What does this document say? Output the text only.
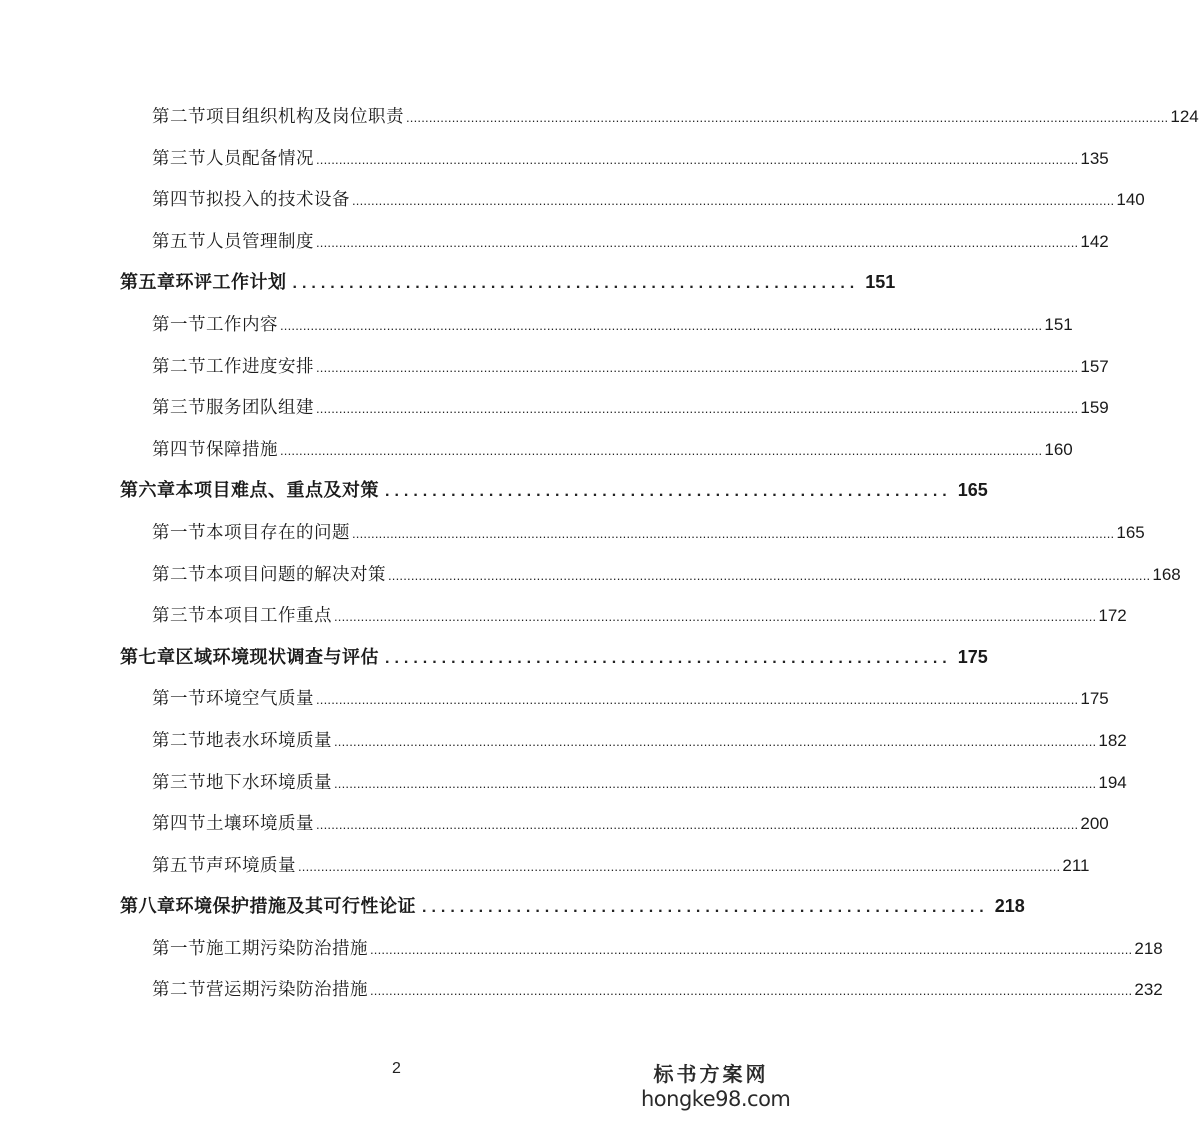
第二节 项目组织机构及岗位职责 ........................................................................................................................................................................................................ 124
第三节 人员配备情况 ........................................................................................................................................................................................................ 135
第四节 拟投入的技术设备 ........................................................................................................................................................................................................ 140
第五节 人员管理制度 ........................................................................................................................................................................................................ 142
第五章 环评工作计划 ............................................................ 151
第一节 工作内容 ........................................................................................................................................................................................................ 151
第二节 工作进度安排 ........................................................................................................................................................................................................ 157
第三节 服务团队组建 ........................................................................................................................................................................................................ 159
第四节 保障措施 ........................................................................................................................................................................................................ 160
第六章 本项目难点、重点及对策 ............................................................ 165
第一节 本项目存在的问题 ........................................................................................................................................................................................................ 165
第二节 本项目问题的解决对策 ........................................................................................................................................................................................................ 168
第三节 本项目工作重点 ........................................................................................................................................................................................................ 172
第七章 区域环境现状调查与评估 ............................................................ 175
第一节 环境空气质量 ........................................................................................................................................................................................................ 175
第二节 地表水环境质量 ........................................................................................................................................................................................................ 182
第三节 地下水环境质量 ........................................................................................................................................................................................................ 194
第四节 土壤环境质量 ........................................................................................................................................................................................................ 200
第五节 声环境质量 ........................................................................................................................................................................................................ 211
第八章 环境保护措施及其可行性论证 ............................................................ 218
第一节 施工期污染防治措施 ........................................................................................................................................................................................................ 218
第二节 营运期污染防治措施 ........................................................................................................................................................................................................ 232
2	标书方案网
hongke98.com
